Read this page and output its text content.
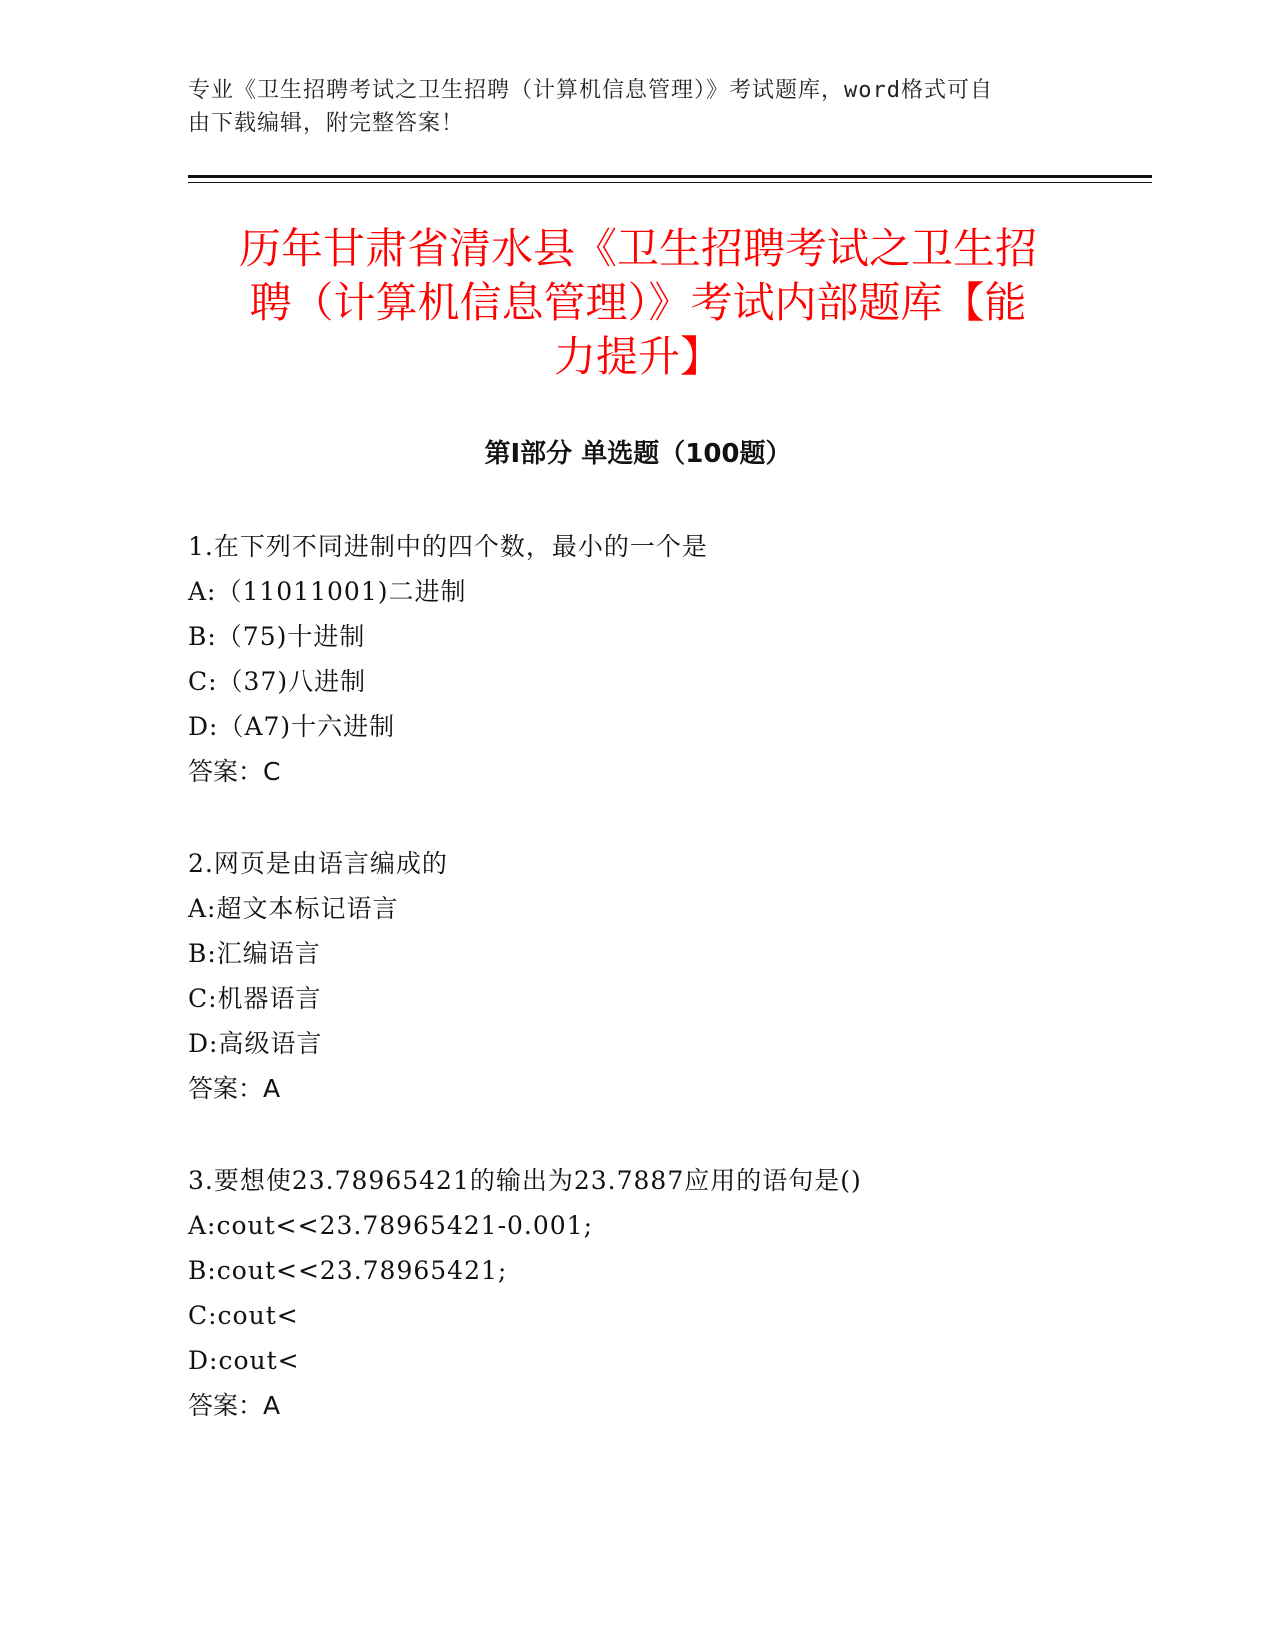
专业《卫生招聘考试之卫生招聘（计算机信息管理）》考试题库，word格式可自
由下载编辑，附完整答案！
历年甘肃省清水县《卫生招聘考试之卫生招
聘（计算机信息管理）》考试内部题库【能
力提升】
第Ⅰ部分 单选题（100题）
1.在下列不同进制中的四个数，最小的一个是
A:（11011001)二进制
B:（75)十进制
C:（37)八进制
D:（A7)十六进制
答案：C
2.网页是由语言编成的
A:超文本标记语言
B:汇编语言
C:机器语言
D:高级语言
答案：A
3.要想使23.78965421的输出为23.7887应用的语句是()
A:cout<<23.78965421-0.001;
B:cout<<23.78965421;
C:cout<
D:cout<
答案：A
